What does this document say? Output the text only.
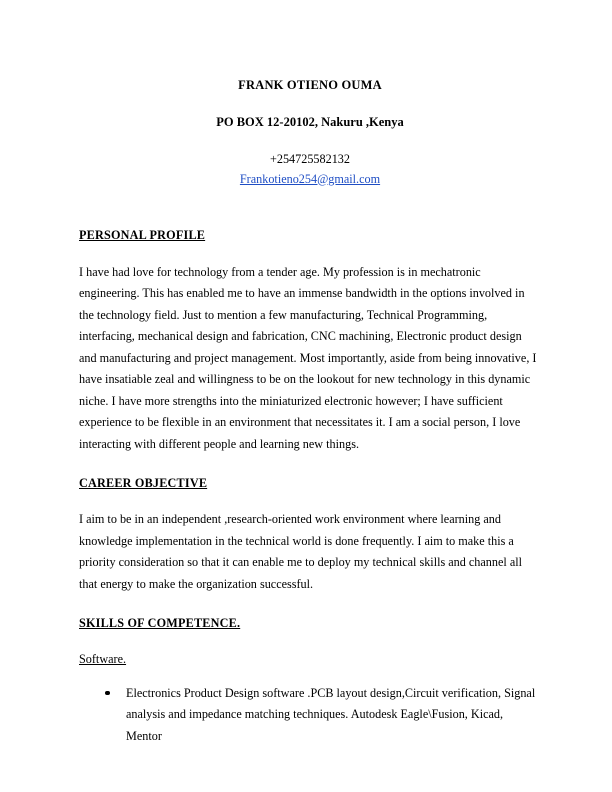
FRANK OTIENO OUMA
PO BOX 12-20102, Nakuru ,Kenya
+254725582132
Frankotieno254@gmail.com
PERSONAL PROFILE

I have had love for technology from a tender age. My profession is in mechatronic engineering. This has enabled me to have an immense bandwidth in the options involved in the technology field. Just to mention a few manufacturing, Technical Programming, interfacing, mechanical design and fabrication, CNC machining, Electronic product design and manufacturing and project management. Most importantly, aside from being innovative, I have insatiable zeal and willingness to be on the lookout for new technology in this dynamic niche. I have more strengths into the miniaturized electronic however; I have sufficient experience to be flexible in an environment that necessitates it. I am a social person, I love interacting with different people and learning new things.

CAREER OBJECTIVE

I aim to be in an independent ,research-oriented work environment where learning and knowledge implementation in the technical world is done frequently. I aim to make this a priority consideration so that it can enable me to deploy my technical skills and channel all that energy to make the organization successful.

SKILLS OF COMPETENCE.
Software.
Electronics Product Design software .PCB layout design,Circuit verification, Signal analysis and impedance matching techniques. Autodesk Eagle\Fusion, Kicad, Mentor
